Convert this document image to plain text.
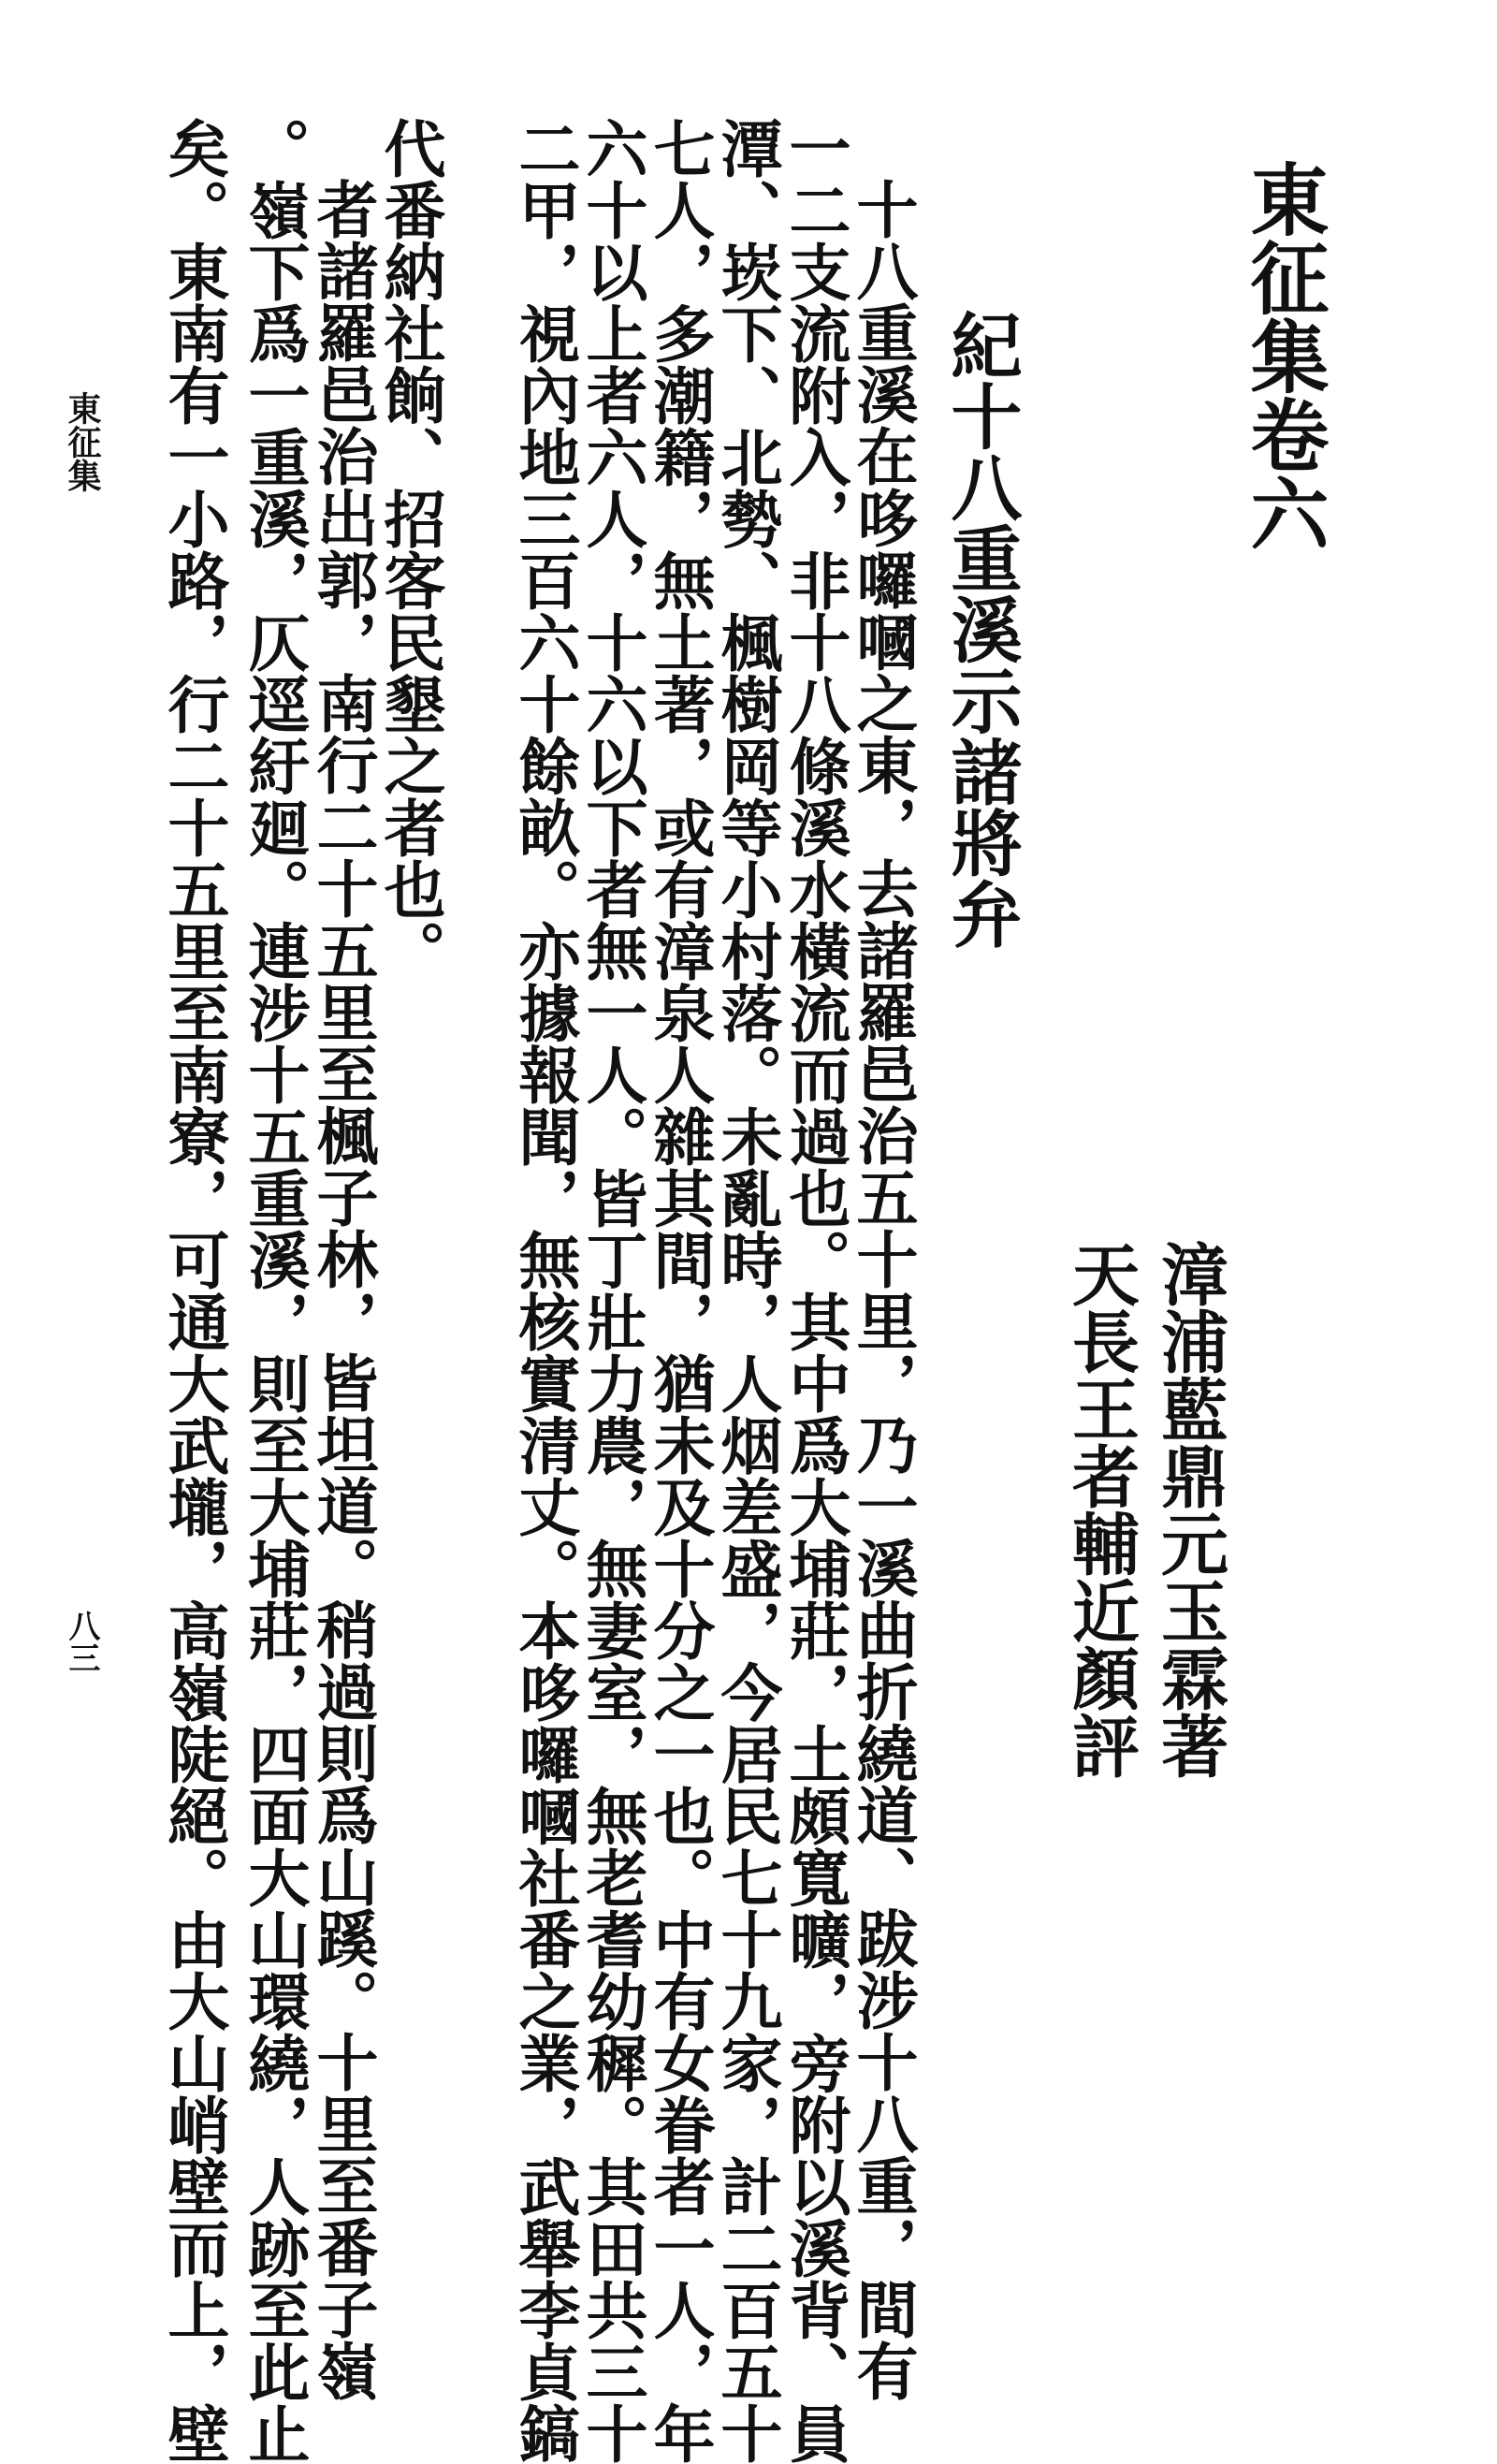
東征集卷六
漳浦藍鼎元玉霖著
天長王者輔近顏評
紀十八重溪示諸將弁
十八重溪在哆囉嘓之東，去諸羅邑治五十里，乃一溪曲折繞道、跋涉十八重，間有
一二支流附入，非十八條溪水橫流而過也。其中爲大埔莊，土頗寬曠，旁附以溪背、員
潭、崁下、北勢、楓樹岡等小村落。未亂時，人烟差盛，今居民七十九家，計二百五十
七人，多潮籍，無土著，或有漳泉人雜其間，猶未及十分之一也。中有女眷者一人，年
六十以上者六人，十六以下者無一人。皆丁壯力農，無妻室，無老耆幼穉。其田共三十
二甲，視內地三百六十餘畝。亦據報聞，無核實清丈。本哆囉嘓社番之業，武舉李貞鎬
代番納社餉、招客民墾之者也。
者諸羅邑治出郭，南行二十五里至楓子林，皆坦道。稍過則爲山蹊。十里至番子嶺
。嶺下爲一重溪，仄逕紆廻。連涉十五重溪，則至大埔莊，四面大山環繞，人跡至此止
矣。東南有一小路，行二十五里至南寮，可通大武壠，高嶺陡絕。由大山峭壁而上，壁
東征集
八三
